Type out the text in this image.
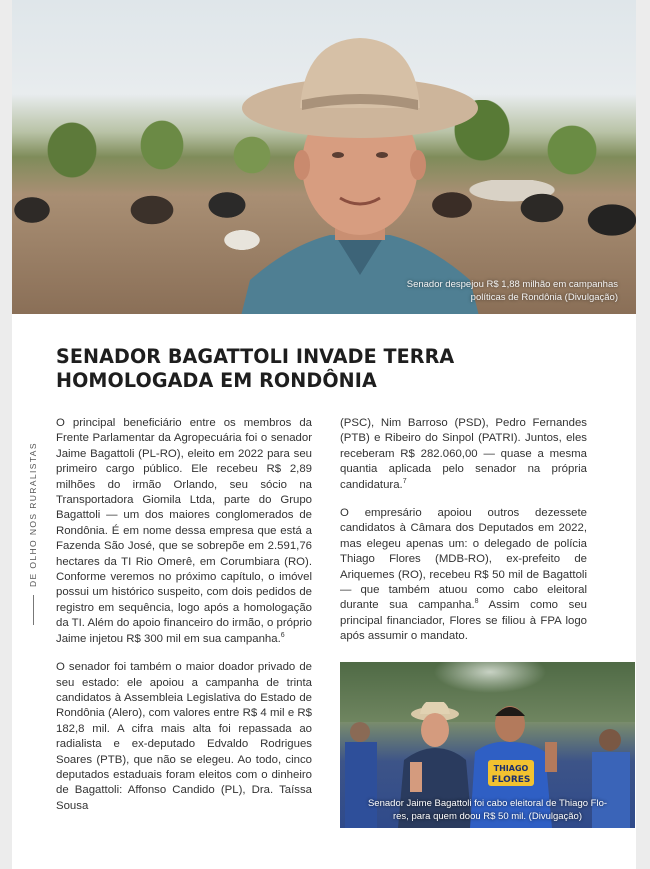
Senador despejou R$ 1,88 milhão em campanhas
políticas de Rondônia (Divulgação)
SENADOR BAGATTOLI INVADE TERRA
HOMOLOGADA EM RONDÔNIA
DE OLHO NOS RURALISTAS

O principal beneficiário entre os membros da Frente Parlamentar da Agropecuária foi o senador Jaime Bagattoli (PL-RO), eleito em 2022 para seu primeiro cargo público. Ele recebeu R$ 2,89 milhões do irmão Orlando, seu sócio na Transportadora Giomila Ltda, parte do Grupo Bagattoli — um dos maiores conglomerados de Rondônia. É em nome dessa empresa que está a Fazenda São José, que se sobrepõe em 2.591,76 hectares da TI Rio Omerê, em Corumbiara (RO). Conforme veremos no próximo capítulo, o imóvel possui um histórico suspeito, com dois pedidos de registro em sequência, logo após a homologação da TI. Além do apoio financeiro do irmão, o próprio Jaime injetou R$ 300 mil em sua campanha.$^6$

O senador foi também o maior doador privado de seu estado: ele apoiou a campanha de trinta candidatos à Assembleia Legislativa do Estado de Rondônia (Alero), com valores entre R$ 4 mil e R$ 182,8 mil. A cifra mais alta foi repassada ao radialista e ex-deputado Edvaldo Rodrigues Soares (PTB), que não se elegeu. Ao todo, cinco deputados estaduais foram eleitos com o dinheiro de Bagattoli: Affonso Candido (PL), Dra. Taíssa Sousa

(PSC), Nim Barroso (PSD), Pedro Fernandes (PTB) e Ribeiro do Sinpol (PATRI). Juntos, eles receberam R$ 282.060,00 — quase a mesma quantia aplicada pelo senador na própria candidatura.$^7$

O empresário apoiou outros dezessete candidatos à Câmara dos Deputados em 2022, mas elegeu apenas um: o delegado de polícia Thiago Flores (MDB-RO), ex-prefeito de Ariquemes (RO), recebeu R$ 50 mil de Bagattoli — que também atuou como cabo eleitoral durante sua campanha.$^8$ Assim como seu principal financiador, Flores se filiou à FPA logo após assumir o mandato.

THIAGO
FLORES
Senador Jaime Bagattoli foi cabo eleitoral de Thiago Flo-
res, para quem doou R$ 50 mil. (Divulgação)
